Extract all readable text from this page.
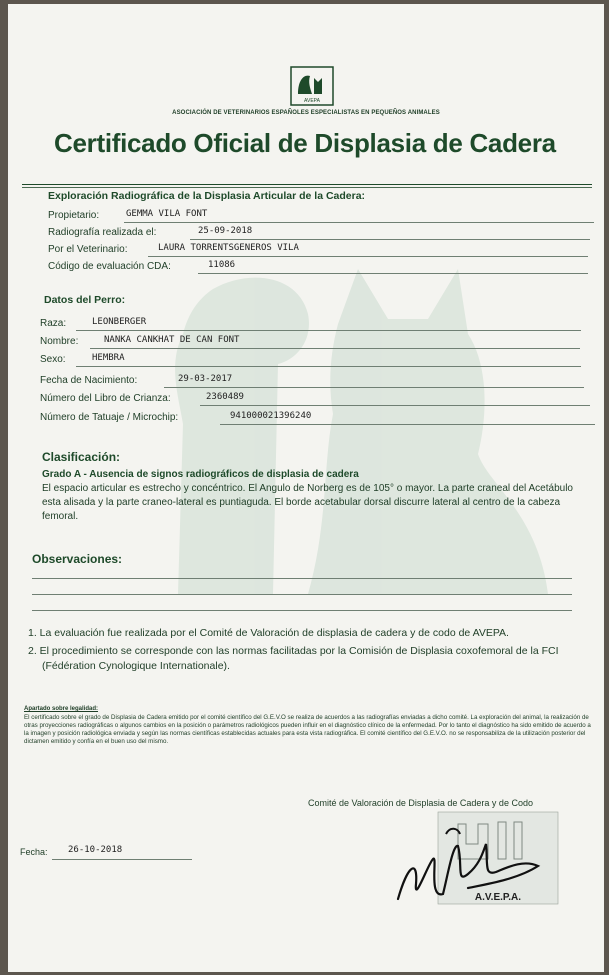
AVEPA
ASOCIACIÓN DE VETERINARIOS ESPAÑOLES ESPECIALISTAS EN PEQUEÑOS ANIMALES
Certificado Oficial de Displasia de Cadera
Exploración Radiográfica de la Displasia Articular de la Cadera:
Propietario:	GEMMA VILA FONT
Radiografía realizada el:	25-09-2018
Por el Veterinario:	LAURA TORRENTSGENEROS VILA
Código de evaluación CDA:	11086
Datos del Perro:
Raza:	LEONBERGER
Nombre:	NANKA CANKHAT DE CAN FONT
Sexo:	HEMBRA
Fecha de Nacimiento:	29-03-2017
Número del Libro de Crianza:	2360489
Número de Tatuaje / Microchip:	941000021396240
Clasificación:
Grado A - Ausencia de signos radiográficos de displasia de cadera
El espacio articular es estrecho y concéntrico. El Angulo de Norberg es de 105° o mayor. La parte craneal del Acetábulo esta alisada y la parte craneo-lateral es puntiaguda. El borde acetabular dorsal discurre lateral al centro de la cabeza femoral.
Observaciones:
1. La evaluación fue realizada por el Comité de Valoración de displasia de cadera y de codo de AVEPA.
2. El procedimiento se corresponde con las normas facilitadas por la Comisión de Displasia coxofemoral de la FCI (Fédération Cynologique Internationale).
Apartado sobre legalidad:
El certificado sobre el grado de Displasia de Cadera emitido por el comité científico del G.E.V.O se realiza de acuerdos a las radiografías enviadas a dicho comité. La exploración del animal, la realización de otras proyecciones radiográficas o algunos cambios en la posición o parámetros radiológicos pueden influir en el diagnóstico clínico de la enfermedad. Por lo tanto el diagnóstico ha sido emitido de acuerdo a la imagen y posición radiológica enviada y según las normas científicas establecidas actuales para esta vista radiográfica. El comité científico del G.E.V.O. no se responsabiliza de la utilización posterior del dictamen emitido y confía en el buen uso del mismo.
Comité de Valoración de Displasia de Cadera y de Codo
Fecha: 26-10-2018
A.V.E.P.A.
